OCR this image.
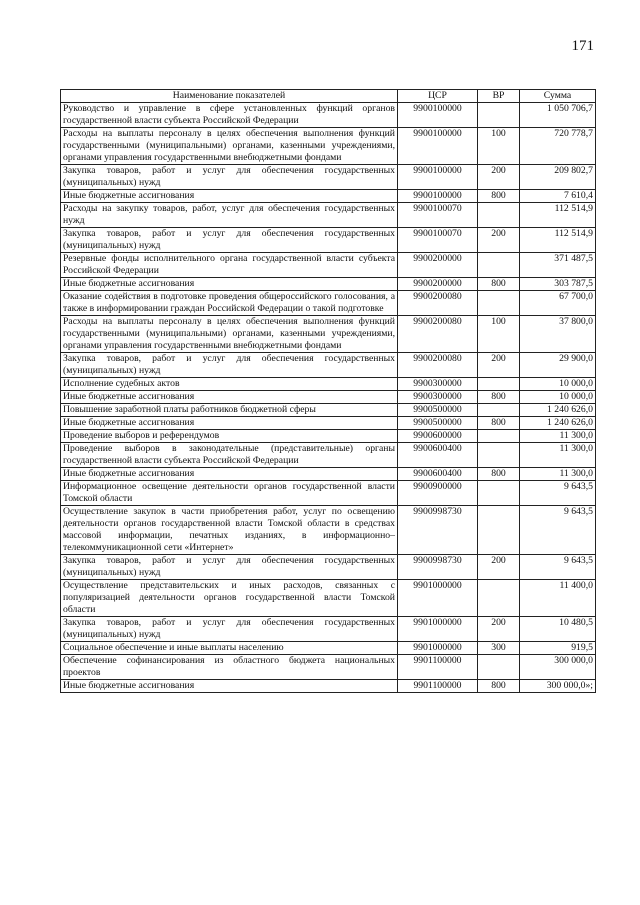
171
Наименование показателей	ЦСР	ВР	Сумма
Руководство и управление в сфере установленных функций органов государственной власти субъекта Российской Федерации	9900100000		1 050 706,7
Расходы на выплаты персоналу в целях обеспечения выполнения функций государственными (муниципальными) органами, казенными учреждениями, органами управления государственными внебюджетными фондами	9900100000	100	720 778,7
Закупка товаров, работ и услуг для обеспечения государственных (муниципальных) нужд	9900100000	200	209 802,7
Иные бюджетные ассигнования	9900100000	800	7 610,4
Расходы на закупку товаров, работ, услуг для обеспечения государственных нужд	9900100070		112 514,9
Закупка товаров, работ и услуг для обеспечения государственных (муниципальных) нужд	9900100070	200	112 514,9
Резервные фонды исполнительного органа государственной власти субъекта Российской Федерации	9900200000		371 487,5
Иные бюджетные ассигнования	9900200000	800	303 787,5
Оказание содействия в подготовке проведения общероссийского голосования, а также в информировании граждан Российской Федерации о такой подготовке	9900200080		67 700,0
Расходы на выплаты персоналу в целях обеспечения выполнения функций государственными (муниципальными) органами, казенными учреждениями, органами управления государственными внебюджетными фондами	9900200080	100	37 800,0
Закупка товаров, работ и услуг для обеспечения государственных (муниципальных) нужд	9900200080	200	29 900,0
Исполнение судебных актов	9900300000		10 000,0
Иные бюджетные ассигнования	9900300000	800	10 000,0
Повышение заработной платы работников бюджетной сферы	9900500000		1 240 626,0
Иные бюджетные ассигнования	9900500000	800	1 240 626,0
Проведение выборов и референдумов	9900600000		11 300,0
Проведение выборов в законодательные (представительные) органы государственной власти субъекта Российской Федерации	9900600400		11 300,0
Иные бюджетные ассигнования	9900600400	800	11 300,0
Информационное освещение деятельности органов государственной власти Томской области	9900900000		9 643,5
Осуществление закупок в части приобретения работ, услуг по освещению деятельности органов государственной власти Томской области в средствах массовой информации, печатных изданиях, в информационно–телекоммуникационной сети «Интернет»	9900998730		9 643,5
Закупка товаров, работ и услуг для обеспечения государственных (муниципальных) нужд	9900998730	200	9 643,5
Осуществление представительских и иных расходов, связанных с популяризацией деятельности органов государственной власти Томской области	9901000000		11 400,0
Закупка товаров, работ и услуг для обеспечения государственных (муниципальных) нужд	9901000000	200	10 480,5
Социальное обеспечение и иные выплаты населению	9901000000	300	919,5
Обеспечение софинансирования из областного бюджета национальных проектов	9901100000		300 000,0
Иные бюджетные ассигнования	9901100000	800	300 000,0»;
